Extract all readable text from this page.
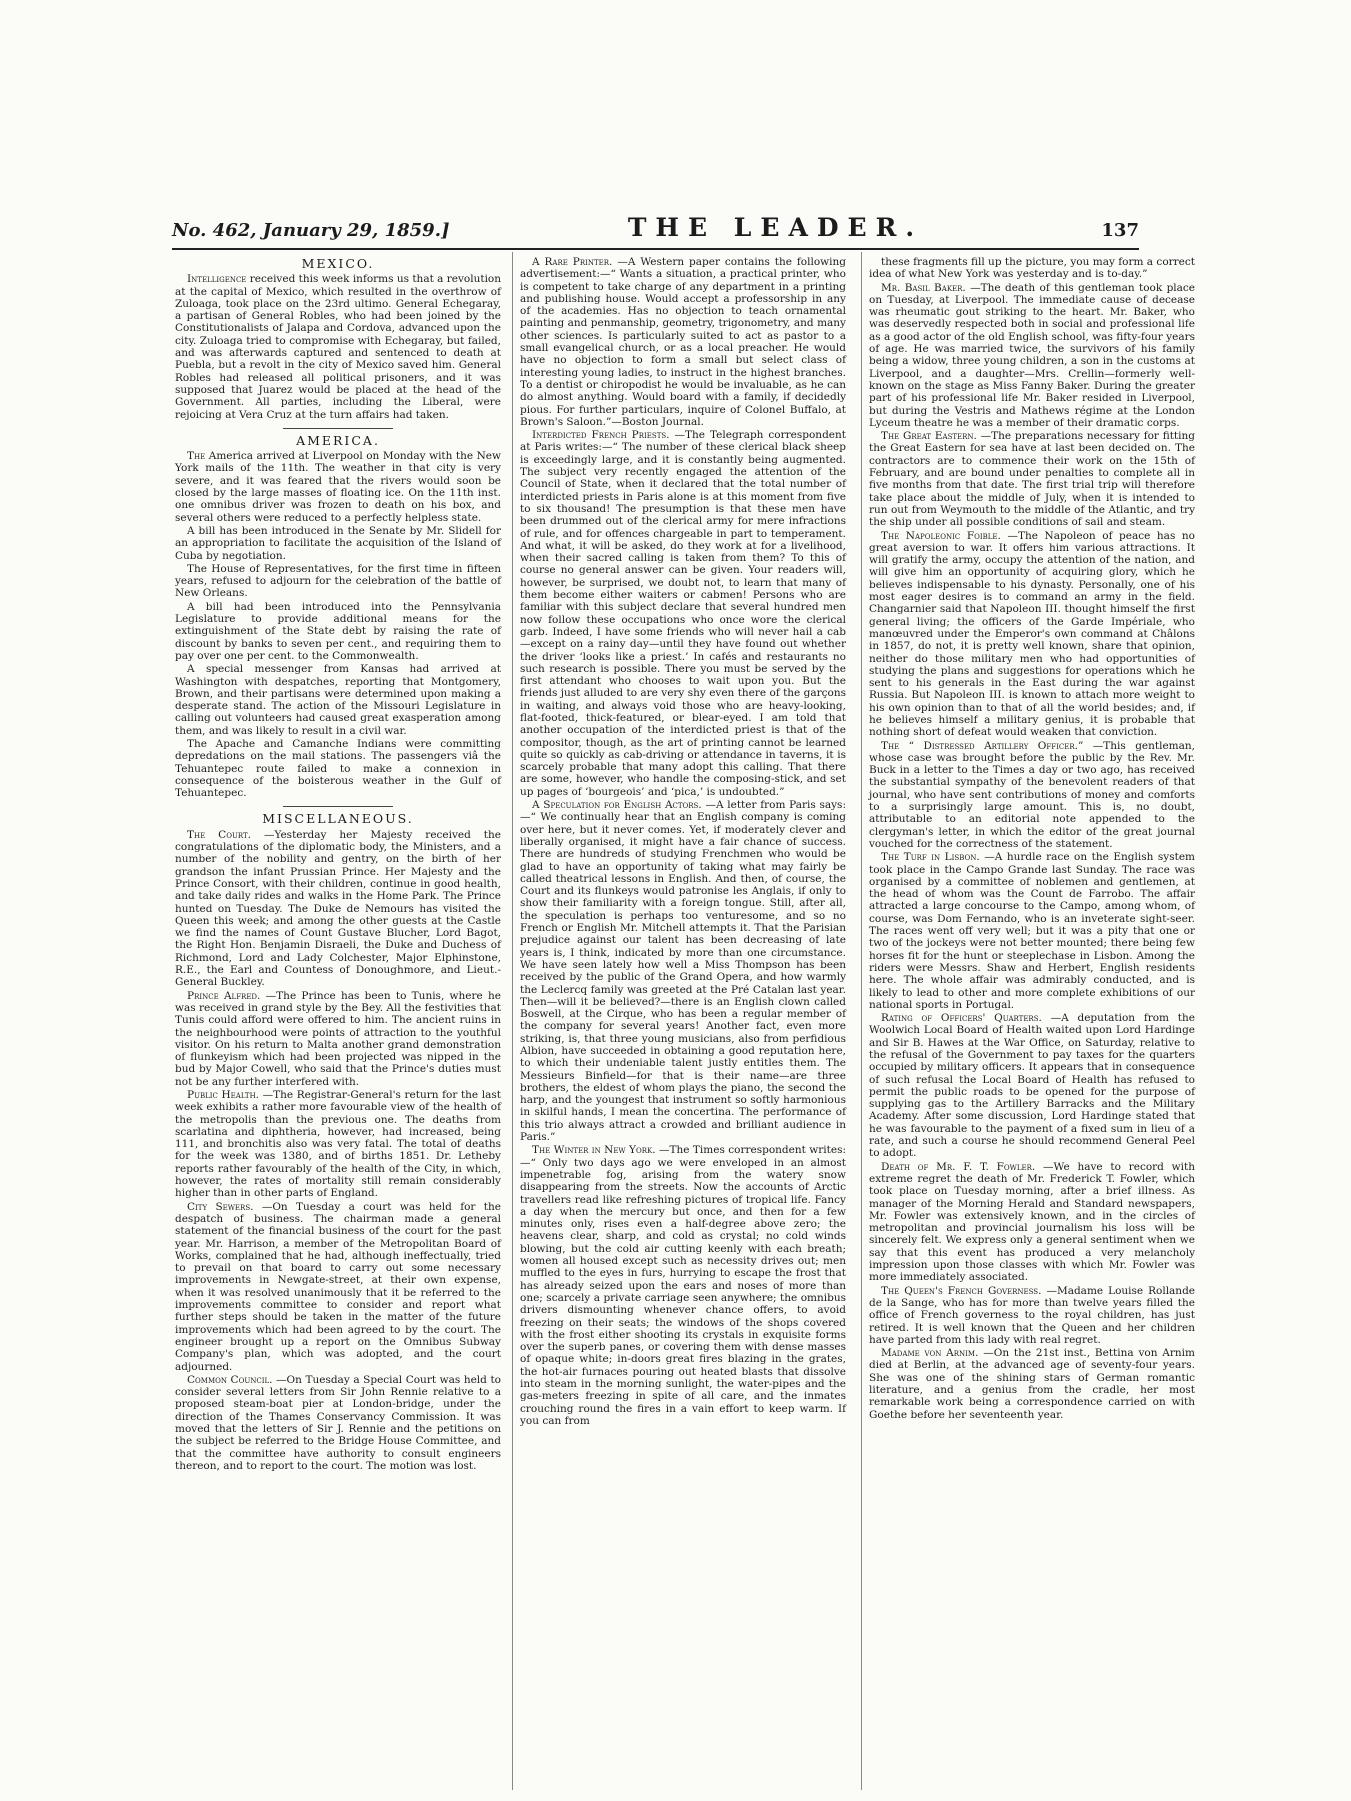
No. 462, January 29, 1859.]	THE LEADER.	137
MEXICO.

Intelligence received this week informs us that a revolution at the capital of Mexico, which resulted in the overthrow of Zuloaga, took place on the 23rd ultimo. General Echegaray, a partisan of General Robles, who had been joined by the Constitutionalists of Jalapa and Cordova, advanced upon the city. Zuloaga tried to compromise with Echegaray, but failed, and was afterwards captured and sentenced to death at Puebla, but a revolt in the city of Mexico saved him. General Robles had released all political prisoners, and it was supposed that Juarez would be placed at the head of the Government. All parties, including the Liberal, were rejoicing at Vera Cruz at the turn affairs had taken.

AMERICA.

The America arrived at Liverpool on Monday with the New York mails of the 11th. The weather in that city is very severe, and it was feared that the rivers would soon be closed by the large masses of floating ice. On the 11th inst. one omnibus driver was frozen to death on his box, and several others were reduced to a perfectly helpless state.

A bill has been introduced in the Senate by Mr. Slidell for an appropriation to facilitate the acquisition of the Island of Cuba by negotiation.

The House of Representatives, for the first time in fifteen years, refused to adjourn for the celebration of the battle of New Orleans.

A bill had been introduced into the Pennsylvania Legislature to provide additional means for the extinguishment of the State debt by raising the rate of discount by banks to seven per cent., and requiring them to pay over one per cent. to the Commonwealth.

A special messenger from Kansas had arrived at Washington with despatches, reporting that Montgomery, Brown, and their partisans were determined upon making a desperate stand. The action of the Missouri Legislature in calling out volunteers had caused great exasperation among them, and was likely to result in a civil war.

The Apache and Camanche Indians were committing depredations on the mail stations. The passengers viâ the Tehuantepec route failed to make a connexion in consequence of the boisterous weather in the Gulf of Tehuantepec.

MISCELLANEOUS.

The Court. —Yesterday her Majesty received the congratulations of the diplomatic body, the Ministers, and a number of the nobility and gentry, on the birth of her grandson the infant Prussian Prince. Her Majesty and the Prince Consort, with their children, continue in good health, and take daily rides and walks in the Home Park. The Prince hunted on Tuesday. The Duke de Nemours has visited the Queen this week; and among the other guests at the Castle we find the names of Count Gustave Blucher, Lord Bagot, the Right Hon. Benjamin Disraeli, the Duke and Duchess of Richmond, Lord and Lady Colchester, Major Elphinstone, R.E., the Earl and Countess of Donoughmore, and Lieut.-General Buckley.

Prince Alfred. —The Prince has been to Tunis, where he was received in grand style by the Bey. All the festivities that Tunis could afford were offered to him. The ancient ruins in the neighbourhood were points of attraction to the youthful visitor. On his return to Malta another grand demonstration of flunkeyism which had been projected was nipped in the bud by Major Cowell, who said that the Prince's duties must not be any further interfered with.

Public Health. —The Registrar-General's return for the last week exhibits a rather more favourable view of the health of the metropolis than the previous one. The deaths from scarlatina and diphtheria, however, had increased, being 111, and bronchitis also was very fatal. The total of deaths for the week was 1380, and of births 1851. Dr. Letheby reports rather favourably of the health of the City, in which, however, the rates of mortality still remain considerably higher than in other parts of England.

City Sewers. —On Tuesday a court was held for the despatch of business. The chairman made a general statement of the financial business of the court for the past year. Mr. Harrison, a member of the Metropolitan Board of Works, complained that he had, although ineffectually, tried to prevail on that board to carry out some necessary improvements in Newgate-street, at their own expense, when it was resolved unanimously that it be referred to the improvements committee to consider and report what further steps should be taken in the matter of the future improvements which had been agreed to by the court. The engineer brought up a report on the Omnibus Subway Company's plan, which was adopted, and the court adjourned.

Common Council. —On Tuesday a Special Court was held to consider several letters from Sir John Rennie relative to a proposed steam-boat pier at London-bridge, under the direction of the Thames Conservancy Commission. It was moved that the letters of Sir J. Rennie and the petitions on the subject be referred to the Bridge House Committee, and that the committee have authority to consult engineers thereon, and to report to the court. The motion was lost.

A Rare Printer. —A Western paper contains the following advertisement:—“ Wants a situation, a practical printer, who is competent to take charge of any department in a printing and publishing house. Would accept a professorship in any of the academies. Has no objection to teach ornamental painting and penmanship, geometry, trigonometry, and many other sciences. Is particularly suited to act as pastor to a small evangelical church, or as a local preacher. He would have no objection to form a small but select class of interesting young ladies, to instruct in the highest branches. To a dentist or chiropodist he would be invaluable, as he can do almost anything. Would board with a family, if decidedly pious. For further particulars, inquire of Colonel Buffalo, at Brown's Saloon.”—Boston Journal.

Interdicted French Priests. —The Telegraph correspondent at Paris writes:—“ The number of these clerical black sheep is exceedingly large, and it is constantly being augmented. The subject very recently engaged the attention of the Council of State, when it declared that the total number of interdicted priests in Paris alone is at this moment from five to six thousand! The presumption is that these men have been drummed out of the clerical army for mere infractions of rule, and for offences chargeable in part to temperament. And what, it will be asked, do they work at for a livelihood, when their sacred calling is taken from them? To this of course no general answer can be given. Your readers will, however, be surprised, we doubt not, to learn that many of them become either waiters or cabmen! Persons who are familiar with this subject declare that several hundred men now follow these occupations who once wore the clerical garb. Indeed, I have some friends who will never hail a cab—except on a rainy day—until they have found out whether the driver ‘looks like a priest.’ In cafés and restaurants no such research is possible. There you must be served by the first attendant who chooses to wait upon you. But the friends just alluded to are very shy even there of the garçons in waiting, and always void those who are heavy-looking, flat-footed, thick-featured, or blear-eyed. I am told that another occupation of the interdicted priest is that of the compositor, though, as the art of printing cannot be learned quite so quickly as cab-driving or attendance in taverns, it is scarcely probable that many adopt this calling. That there are some, however, who handle the composing-stick, and set up pages of ‘bourgeois’ and ‘pica,’ is undoubted.”

A Speculation for English Actors. —A letter from Paris says:—“ We continually hear that an English company is coming over here, but it never comes. Yet, if moderately clever and liberally organised, it might have a fair chance of success. There are hundreds of studying Frenchmen who would be glad to have an opportunity of taking what may fairly be called theatrical lessons in English. And then, of course, the Court and its flunkeys would patronise les Anglais, if only to show their familiarity with a foreign tongue. Still, after all, the speculation is perhaps too venturesome, and so no French or English Mr. Mitchell attempts it. That the Parisian prejudice against our talent has been decreasing of late years is, I think, indicated by more than one circumstance. We have seen lately how well a Miss Thompson has been received by the public of the Grand Opera, and how warmly the Leclercq family was greeted at the Pré Catalan last year. Then—will it be believed?—there is an English clown called Boswell, at the Cirque, who has been a regular member of the company for several years! Another fact, even more striking, is, that three young musicians, also from perfidious Albion, have succeeded in obtaining a good reputation here, to which their undeniable talent justly entitles them. The Messieurs Binfield—for that is their name—are three brothers, the eldest of whom plays the piano, the second the harp, and the youngest that instrument so softly harmonious in skilful hands, I mean the concertina. The performance of this trio always attract a crowded and brilliant audience in Paris.”

The Winter in New York. —The Times correspondent writes:—“ Only two days ago we were enveloped in an almost impenetrable fog, arising from the watery snow disappearing from the streets. Now the accounts of Arctic travellers read like refreshing pictures of tropical life. Fancy a day when the mercury but once, and then for a few minutes only, rises even a half-degree above zero; the heavens clear, sharp, and cold as crystal; no cold winds blowing, but the cold air cutting keenly with each breath; women all housed except such as necessity drives out; men muffled to the eyes in furs, hurrying to escape the frost that has already seized upon the ears and noses of more than one; scarcely a private carriage seen anywhere; the omnibus drivers dismounting whenever chance offers, to avoid freezing on their seats; the windows of the shops covered with the frost either shooting its crystals in exquisite forms over the superb panes, or covering them with dense masses of opaque white; in-doors great fires blazing in the grates, the hot-air furnaces pouring out heated blasts that dissolve into steam in the morning sunlight, the water-pipes and the gas-meters freezing in spite of all care, and the inmates crouching round the fires in a vain effort to keep warm. If you can from

these fragments fill up the picture, you may form a correct idea of what New York was yesterday and is to-day.”

Mr. Basil Baker. —The death of this gentleman took place on Tuesday, at Liverpool. The immediate cause of decease was rheumatic gout striking to the heart. Mr. Baker, who was deservedly respected both in social and professional life as a good actor of the old English school, was fifty-four years of age. He was married twice, the survivors of his family being a widow, three young children, a son in the customs at Liverpool, and a daughter—Mrs. Crellin—formerly well-known on the stage as Miss Fanny Baker. During the greater part of his professional life Mr. Baker resided in Liverpool, but during the Vestris and Mathews régime at the London Lyceum theatre he was a member of their dramatic corps.

The Great Eastern. —The preparations necessary for fitting the Great Eastern for sea have at last been decided on. The contractors are to commence their work on the 15th of February, and are bound under penalties to complete all in five months from that date. The first trial trip will therefore take place about the middle of July, when it is intended to run out from Weymouth to the middle of the Atlantic, and try the ship under all possible conditions of sail and steam.

The Napoleonic Foible. —The Napoleon of peace has no great aversion to war. It offers him various attractions. It will gratify the army, occupy the attention of the nation, and will give him an opportunity of acquiring glory, which he believes indispensable to his dynasty. Personally, one of his most eager desires is to command an army in the field. Changarnier said that Napoleon III. thought himself the first general living; the officers of the Garde Impériale, who manœuvred under the Emperor's own command at Châlons in 1857, do not, it is pretty well known, share that opinion, neither do those military men who had opportunities of studying the plans and suggestions for operations which he sent to his generals in the East during the war against Russia. But Napoleon III. is known to attach more weight to his own opinion than to that of all the world besides; and, if he believes himself a military genius, it is probable that nothing short of defeat would weaken that conviction.

The “ Distressed Artillery Officer.” —This gentleman, whose case was brought before the public by the Rev. Mr. Buck in a letter to the Times a day or two ago, has received the substantial sympathy of the benevolent readers of that journal, who have sent contributions of money and comforts to a surprisingly large amount. This is, no doubt, attributable to an editorial note appended to the clergyman's letter, in which the editor of the great journal vouched for the correctness of the statement.

The Turf in Lisbon. —A hurdle race on the English system took place in the Campo Grande last Sunday. The race was organised by a committee of noblemen and gentlemen, at the head of whom was the Count de Farrobo. The affair attracted a large concourse to the Campo, among whom, of course, was Dom Fernando, who is an inveterate sight-seer. The races went off very well; but it was a pity that one or two of the jockeys were not better mounted; there being few horses fit for the hunt or steeplechase in Lisbon. Among the riders were Messrs. Shaw and Herbert, English residents here. The whole affair was admirably conducted, and is likely to lead to other and more complete exhibitions of our national sports in Portugal.

Rating of Officers' Quarters. —A deputation from the Woolwich Local Board of Health waited upon Lord Hardinge and Sir B. Hawes at the War Office, on Saturday, relative to the refusal of the Government to pay taxes for the quarters occupied by military officers. It appears that in consequence of such refusal the Local Board of Health has refused to permit the public roads to be opened for the purpose of supplying gas to the Artillery Barracks and the Military Academy. After some discussion, Lord Hardinge stated that he was favourable to the payment of a fixed sum in lieu of a rate, and such a course he should recommend General Peel to adopt.

Death of Mr. F. T. Fowler. —We have to record with extreme regret the death of Mr. Frederick T. Fowler, which took place on Tuesday morning, after a brief illness. As manager of the Morning Herald and Standard newspapers, Mr. Fowler was extensively known, and in the circles of metropolitan and provincial journalism his loss will be sincerely felt. We express only a general sentiment when we say that this event has produced a very melancholy impression upon those classes with which Mr. Fowler was more immediately associated.

The Queen's French Governess. —Madame Louise Rollande de la Sange, who has for more than twelve years filled the office of French governess to the royal children, has just retired. It is well known that the Queen and her children have parted from this lady with real regret.

Madame von Arnim. —On the 21st inst., Bettina von Arnim died at Berlin, at the advanced age of seventy-four years. She was one of the shining stars of German romantic literature, and a genius from the cradle, her most remarkable work being a correspondence carried on with Goethe before her seventeenth year.
